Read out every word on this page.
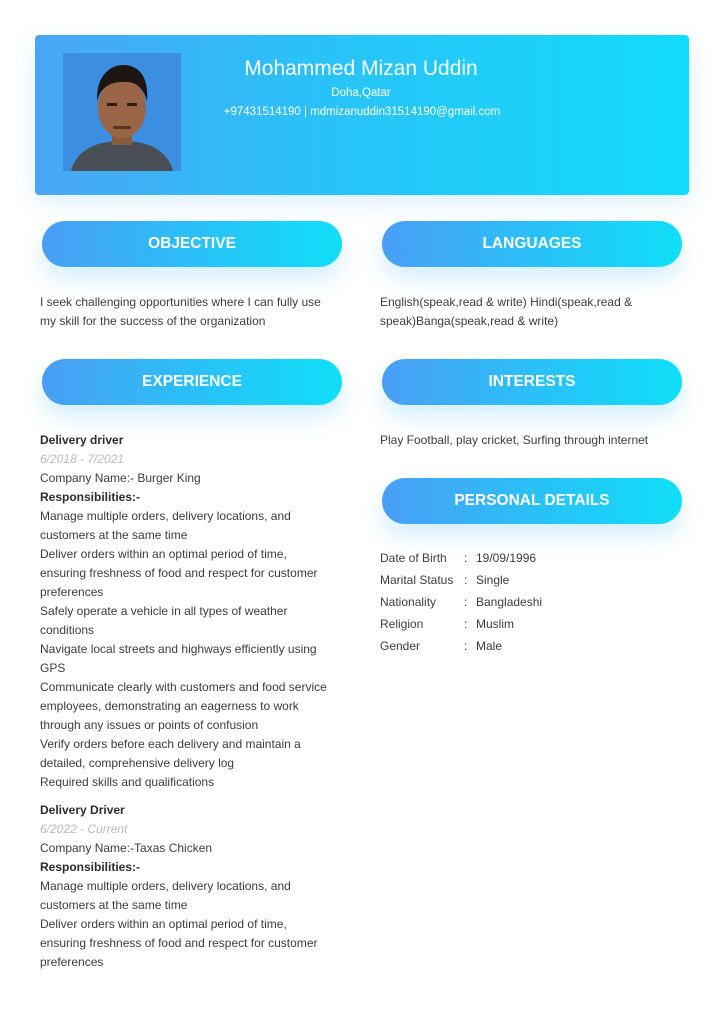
Mohammed Mizan Uddin
Doha,Qatar
+97431514190 | mdmizanuddin31514190@gmail.com
OBJECTIVE

I seek challenging opportunities where I can fully use

my skill for the success of the organization

LANGUAGES

English(speak,read & write) Hindi(speak,read &

speak)Banga(speak,read & write)

EXPERIENCE

Delivery driver

6/2018 - 7/2021

Company Name:- Burger King

Responsibilities:-

Manage multiple orders, delivery locations, and

customers at the same time

Deliver orders within an optimal period of time,

ensuring freshness of food and respect for customer

preferences

Safely operate a vehicle in all types of weather

conditions

Navigate local streets and highways efficiently using

GPS

Communicate clearly with customers and food service

employees, demonstrating an eagerness to work

through any issues or points of confusion

Verify orders before each delivery and maintain a

detailed, comprehensive delivery log

Required skills and qualifications

Delivery Driver

6/2022 - Current

Company Name:-Taxas Chicken

Responsibilities:-

Manage multiple orders, delivery locations, and

customers at the same time

Deliver orders within an optimal period of time,

ensuring freshness of food and respect for customer

preferences

INTERESTS
Play Football, play cricket, Surfing through internet
PERSONAL DETAILS
Date of Birth	: 19/09/1996
Marital Status : Single
Nationality	: Bangladeshi
Religion	: Muslim
Gender	: Male
